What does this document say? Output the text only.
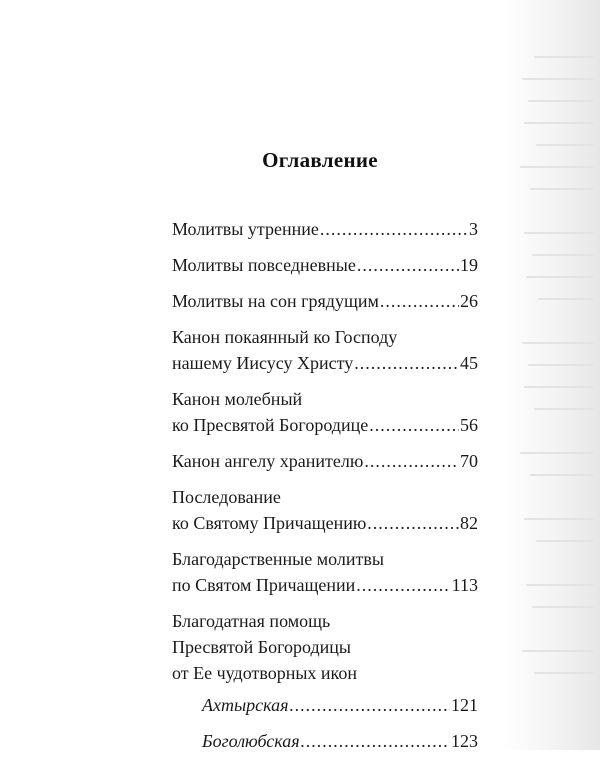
Оглавление
Молитвы утренние .....	3
Молитвы повседневные .....	19
Молитвы на сон грядущим .....	26
Канон покаянный ко Господу
нашему Иисусу Христу .....	45
Канон молебный
ко Пресвятой Богородице .....	56
Канон ангелу хранителю .....	70
Последование
ко Святому Причащению .....	82
Благодарственные молитвы
по Святом Причащении .....	113
Благодатная помощь
Пресвятой Богородицы
от Ее чудотворных икон
Ахтырская .....	121
Боголюбская .....	123
